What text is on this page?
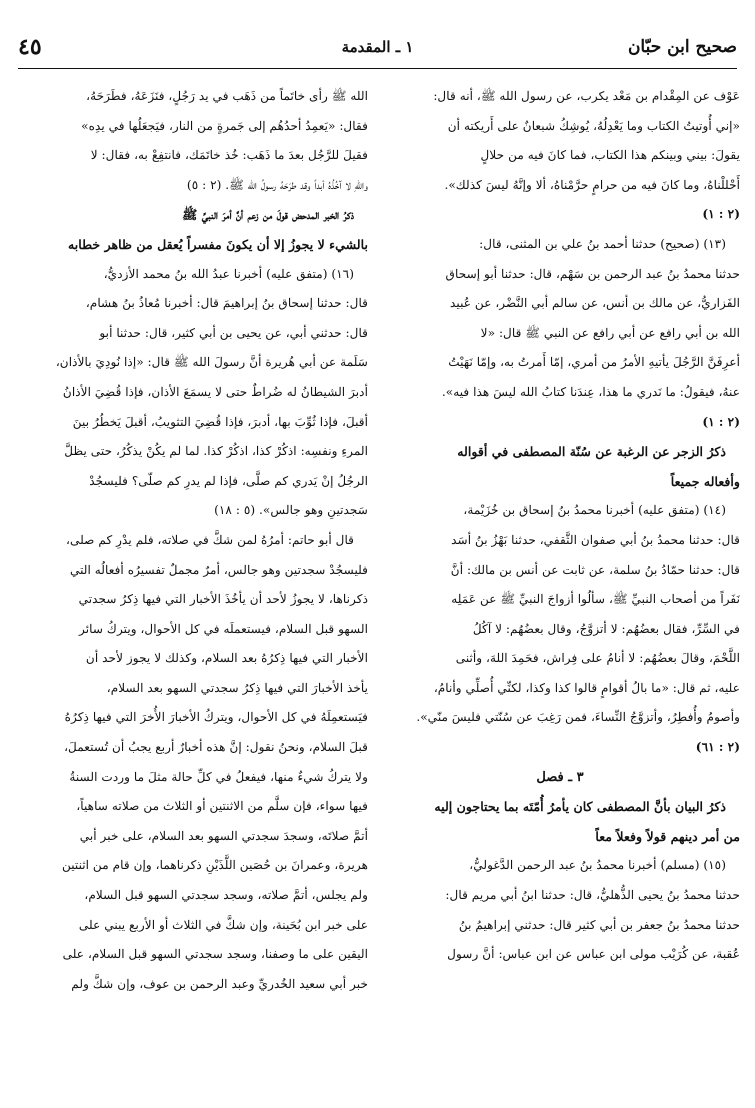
صحيح ابن حبّان
١ ـ المقدمة
٤٥

عَوْف عن المِقْدام بن مَعْد يكرب، عن رسول الله ﷺ، أنه قال:

«إني أُوتيتُ الكتاب وما يَعْدِلُهُ، يُوشِكُ شبعانٌ على أَريكته أن

يقولَ: بيني وبينكم هذا الكتاب، فما كانَ فيه من حلالٍ

أَحْللْناهُ، وما كانَ فيه من حرامٍ حرَّمْناهُ، ألا وإنَّهُ ليسَ كذلك».

(٢ : ١)

(١٣) (صحيح) حدثنا أحمد بنُ علي بن المثنى، قال:

حدثنا محمدُ بنُ عبد الرحمن بن سَهْم، قال: حدثنا أبو إسحاق

الفَزاريُّ، عن مالك بن أنس، عن سالم أبي النَّضْر، عن عُبيد

الله بن أبي رافع عن أبي رافع عن النبي ﷺ قال: «لا

أعرِفَنَّ الرَّجُلَ يأتيهِ الأمرُ من أمري، إمّا أَمرتُ به، وإمّا نَهَيْتُ

عنهُ، فيقولُ: ما نَدري ما هذا، عِندَنا كتابُ الله ليسَ هذا فيه».

(٢ : ١)

ذكرُ الزجر عن الرغبة عن سُنّة المصطفى في أقواله

وأفعاله جميعاً

(١٤) (متفق عليه) أخبرنا محمدُ بنُ إسحاق بن خُزَيْمة،

قال: حدثنا محمدُ بنُ أبي صفوان الثَّقفي، حدثنا بَهْزُ بنُ أسَد

قال: حدثنا حمّادُ بنُ سلمة، عن ثابت عن أنس بن مالك: أنَّ

نَفَراً من أصحاب النبيِّ ﷺ، سألُوا أزواجَ النبيِّ ﷺ عن عَمَلِه

في السِّرِّ، فقال بعضُهُم: لا أتزوَّجُ، وقال بعضُهُم: لا آكُلُ

اللَّحْمَ، وقالَ بعضُهُم: لا أنامُ على فِراش، فحَمِدَ اللهَ، وأثنى

عليه، ثم قال: «ما بالُ أقوامٍ قالوا كذا وكذا، لكنِّي أُصلِّي وأنامُ،

وأصومُ وأُفطِرُ، وأتزوَّجُ النِّساءَ، فمن رَغِبَ عن سُنّتي فليسَ منّي».

(٢ : ٦١)

٣ ـ فصل

ذكرُ البيان بأنَّ المصطفى كان يأمرُ أُمّتَه بما يحتاجون إليه

من أمر دينهم قولاً وفعلاً معاً

(١٥) (مسلم) أخبرنا محمدُ بنُ عبد الرحمن الدَّغوليُّ،

حدثنا محمدُ بنُ يحيى الذُّهليُّ، قال: حدثنا ابنُ أبي مريم قال:

حدثنا محمدُ بنُ جعفر بن أبي كثير قال: حدثني إبراهيمُ بنُ

عُقبة، عن كُرَيْب مولى ابن عباس عن ابن عباس: أنَّ رسول

الله ﷺ رأى خاتَماً من ذَهَب في يد رَجُلٍ، فنَزَعَهُ، فطَرَحَهُ،

فقال: «يَعمِدُ أحدُهُم إلى جَمرةٍ من النار، فيَجعَلُها في يدِه»

فقيلَ للرَّجُل بعدَ ما ذَهَب: خُذ خاتَمَك، فانتفِعْ به، فقال: لا

واللهِ لا آخُذُهُ أبداً وقد طرَحَهُ رسولُ الله ﷺ. (٢ : ٥)

ذكرُ الخبر المدحض قولَ من زعم أنَّ أمرَ النبيِّ ﷺ

بالشيء لا يجوزُ إلا أن يكونَ مفسراً يُعقل من ظاهر خطابه

(١٦) (متفق عليه) أخبرنا عبدُ الله بنُ محمد الأزديُّ،

قال: حدثنا إسحاق بنُ إبراهيمَ قال: أخبرنا مُعاذُ بنُ هشام،

قال: حدثني أبي، عن يحيى بن أبي كثير، قال: حدثنا أبو

سَلَمة عن أبي هُريرة أنَّ رسولَ الله ﷺ قال: «إذا نُودِيَ بالأذان،

أدبرَ الشيطانُ له ضُراطٌ حتى لا يسمَعَ الأذان، فإذا قُضِيَ الأذانُ

أقبلَ، فإذا ثُوِّبَ بها، أدبرَ، فإذا قُضِيَ التثويبُ، أقبلَ يَخطُرُ بينَ

المرءِ ونفسِه: اذكُرْ كذا، اذكُرْ كذا. لما لم يكُنْ يذكُرُ، حتى يظلَّ

الرجُلُ إنْ يَدري كم صلَّى، فإذا لم يدرِ كم صلّى؟ فليسجُدْ

سَجدتينِ وهو جالس». (٥ : ١٨)

قال أبو حاتم: أمرُهُ لمن شكَّ في صلاته، فلم يدْرِ كم صلى،

فليسجُدْ سجدتين وهو جالس، أمرٌ مجملٌ تفسيرُه أفعالُه التي

ذكرناها، لا يجوزُ لأحد أن يأخُذَ الأخبار التي فيها ذِكرُ سجدتي

السهو قبل السلام، فيستعملَه في كل الأحوال، ويتركُ سائر

الأخبار التي فيها ذِكرُهُ بعد السلام، وكذلك لا يجوز لأحد أن

يأخذ الأخبارَ التي فيها ذِكرُ سجدتي السهو بعد السلام،

فيَستعمِلَهُ في كل الأحوال، ويتركُ الأخبارَ الأُخرَ التي فيها ذِكرُهُ

قبلَ السلام، ونحنُ نقول: إنَّ هذه أخبارٌ أربع يجبُ أن تُستعملَ،

ولا يتركُ شيءٌ منها، فيفعلُ في كلِّ حالة مثلَ ما وردت السنةُ

فيها سواء، فإن سلَّم من الاثنتين أو الثلاث من صلاته ساهياً،

أتمَّ صلاتَه، وسجدَ سجدتي السهو بعد السلام، على خبر أبي

هريرة، وعمرانَ بن حُصَين اللَّذَيْنِ ذكرناهما، وإن قام من اثنتين

ولم يجلس، أتمَّ صلاته، وسجد سجدتي السهو قبل السلام،

على خبر ابن بُحَينة، وإن شكَّ في الثلاث أو الأربع يبني على

اليقين على ما وصفنا، وسجد سجدتي السهو قبل السلام، على

خبر أبي سعيد الخُدريِّ وعبد الرحمن بن عوف، وإن شكَّ ولم
